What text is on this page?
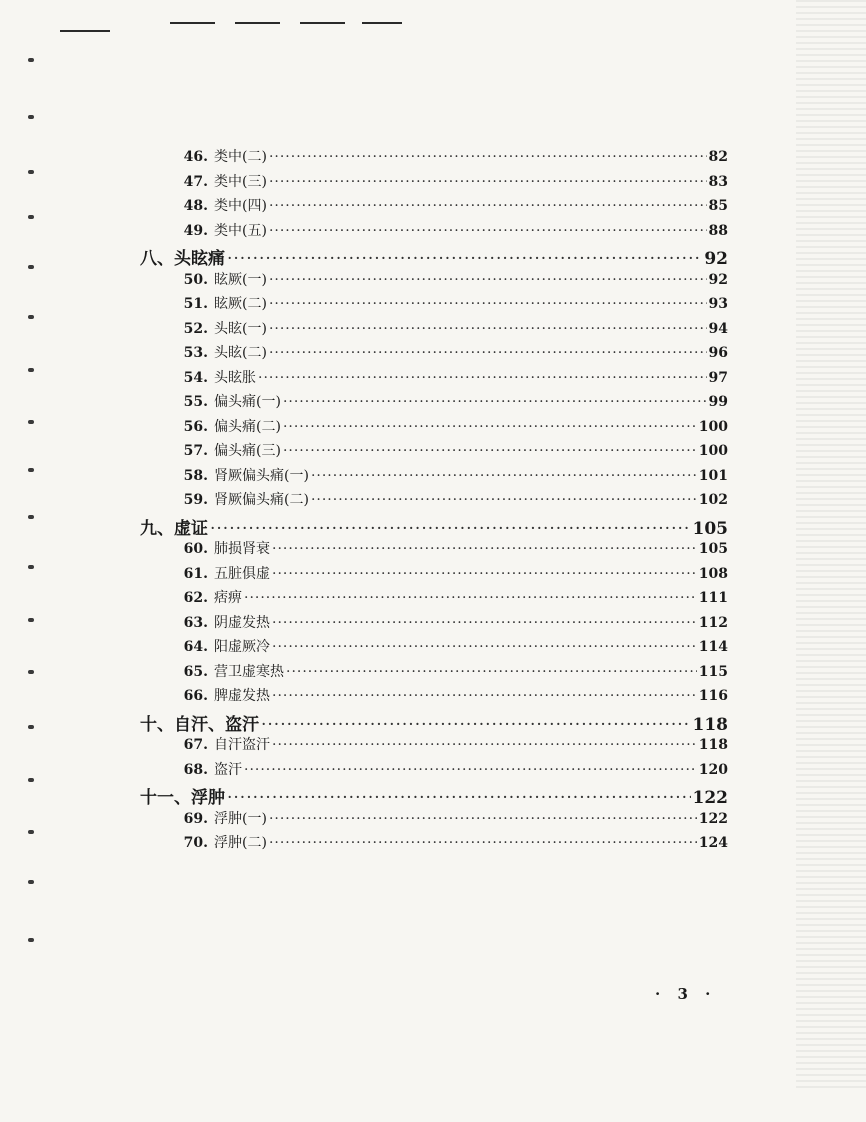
46. 类中(二) ·····	82
47. 类中(三) ·····	83
48. 类中(四) ·····	85
49. 类中(五) ·····	88
八、头眩痛 ·····	92
50. 眩厥(一) ·····	92
51. 眩厥(二) ·····	93
52. 头眩(一) ·····	94
53. 头眩(二) ·····	96
54. 头眩胀 ·····	97
55. 偏头痛(一) ·····	99
56. 偏头痛(二) ·····	100
57. 偏头痛(三) ·····	100
58. 肾厥偏头痛(一) ·····	101
59. 肾厥偏头痛(二) ·····	102
九、虚证 ·····	105
60. 肺损肾衰 ·····	105
61. 五脏俱虚 ·····	108
62. 痞痹 ·····	111
63. 阴虚发热 ·····	112
64. 阳虚厥冷 ·····	114
65. 营卫虚寒热 ·····	115
66. 脾虚发热 ·····	116
十、自汗、盗汗 ·····	118
67. 自汗盗汗 ·····	118
68. 盗汗 ·····	120
十一、浮肿 ·····	122
69. 浮肿(一) ·····	122
70. 浮肿(二) ·····	124
· 3 ·
